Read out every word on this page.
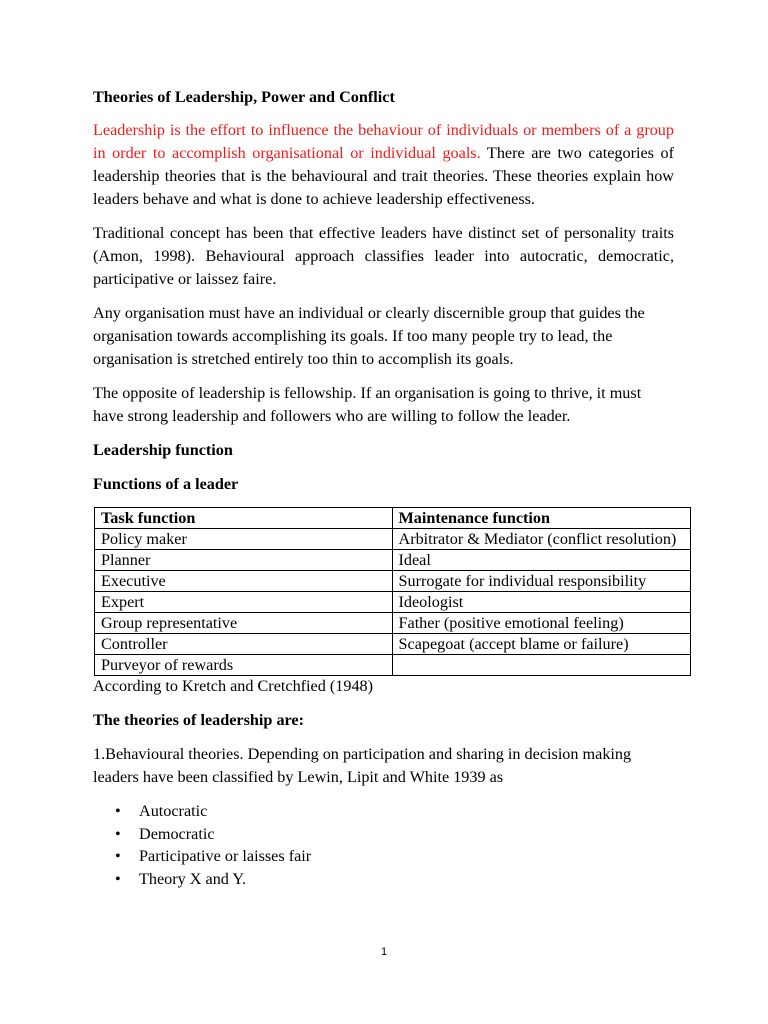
Theories of Leadership, Power and Conflict

Leadership is the effort to influence the behaviour of individuals or members of a group in order to accomplish organisational or individual goals. There are two categories of leadership theories that is the behavioural and trait theories. These theories explain how leaders behave and what is done to achieve leadership effectiveness.

Traditional concept has been that effective leaders have distinct set of personality traits (Amon, 1998). Behavioural approach classifies leader into autocratic, democratic, participative or laissez faire.

Any organisation must have an individual or clearly discernible group that guides the organisation towards accomplishing its goals. If too many people try to lead, the organisation is stretched entirely too thin to accomplish its goals.

The opposite of leadership is fellowship. If an organisation is going to thrive, it must have strong leadership and followers who are willing to follow the leader.

Leadership function
Functions of a leader
Task function	Maintenance function
Policy maker	Arbitrator & Mediator (conflict resolution)
Planner	Ideal
Executive	Surrogate for individual responsibility
Expert	Ideologist
Group representative	Father (positive emotional feeling)
Controller	Scapegoat (accept blame or failure)
Purveyor of rewards	
According to Kretch and Cretchfied (1948)
The theories of leadership are:

1.Behavioural theories. Depending on participation and sharing in decision making leaders have been classified by Lewin, Lipit and White 1939 as

• Autocratic
• Democratic
• Participative or laisses fair
• Theory X and Y.
1
